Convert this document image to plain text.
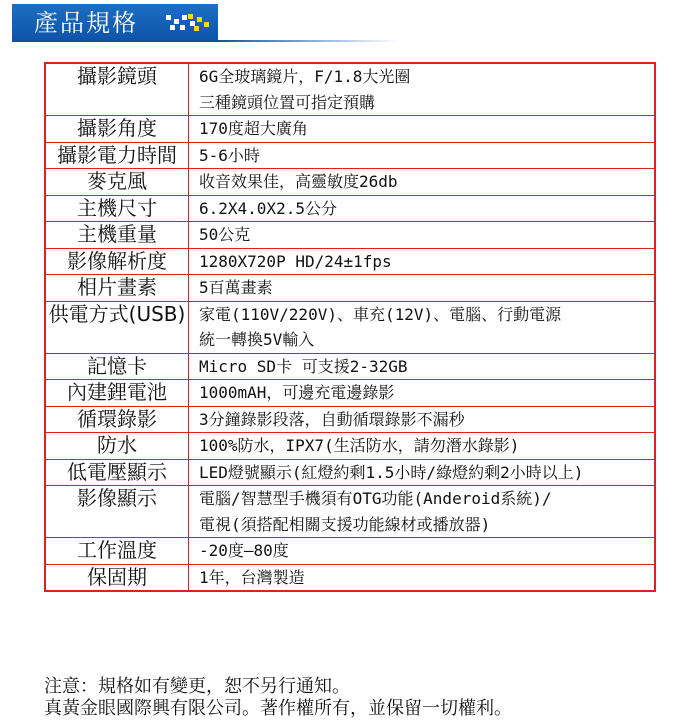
產品規格
攝影鏡頭	6G全玻璃鏡片，F/1.8大光圈
三種鏡頭位置可指定預購

攝影角度	170度超大廣角

攝影電力時間	5-6小時

麥克風	收音效果佳，高靈敏度26db

主機尺寸	6.2X4.0X2.5公分

主機重量	50公克

影像解析度	1280X720P HD/24±1fps

相片畫素	5百萬畫素

供電方式(USB)	家電(110V/220V)、車充(12V)、電腦、行動電源
統一轉換5V輸入

記憶卡	Micro SD卡 可支援2-32GB

內建鋰電池	1000mAH，可邊充電邊錄影

循環錄影	3分鐘錄影段落，自動循環錄影不漏秒

防水	100%防水，IPX7(生活防水，請勿潛水錄影)

低電壓顯示	LED燈號顯示(紅燈約剩1.5小時/綠燈約剩2小時以上)

影像顯示	電腦/智慧型手機須有OTG功能(Anderoid系統)/
電視(須搭配相關支援功能線材或播放器)

工作溫度	-20度—80度

保固期	1年，台灣製造
注意：規格如有變更，恕不另行通知。
真黃金眼國際興有限公司。著作權所有，並保留一切權利。
